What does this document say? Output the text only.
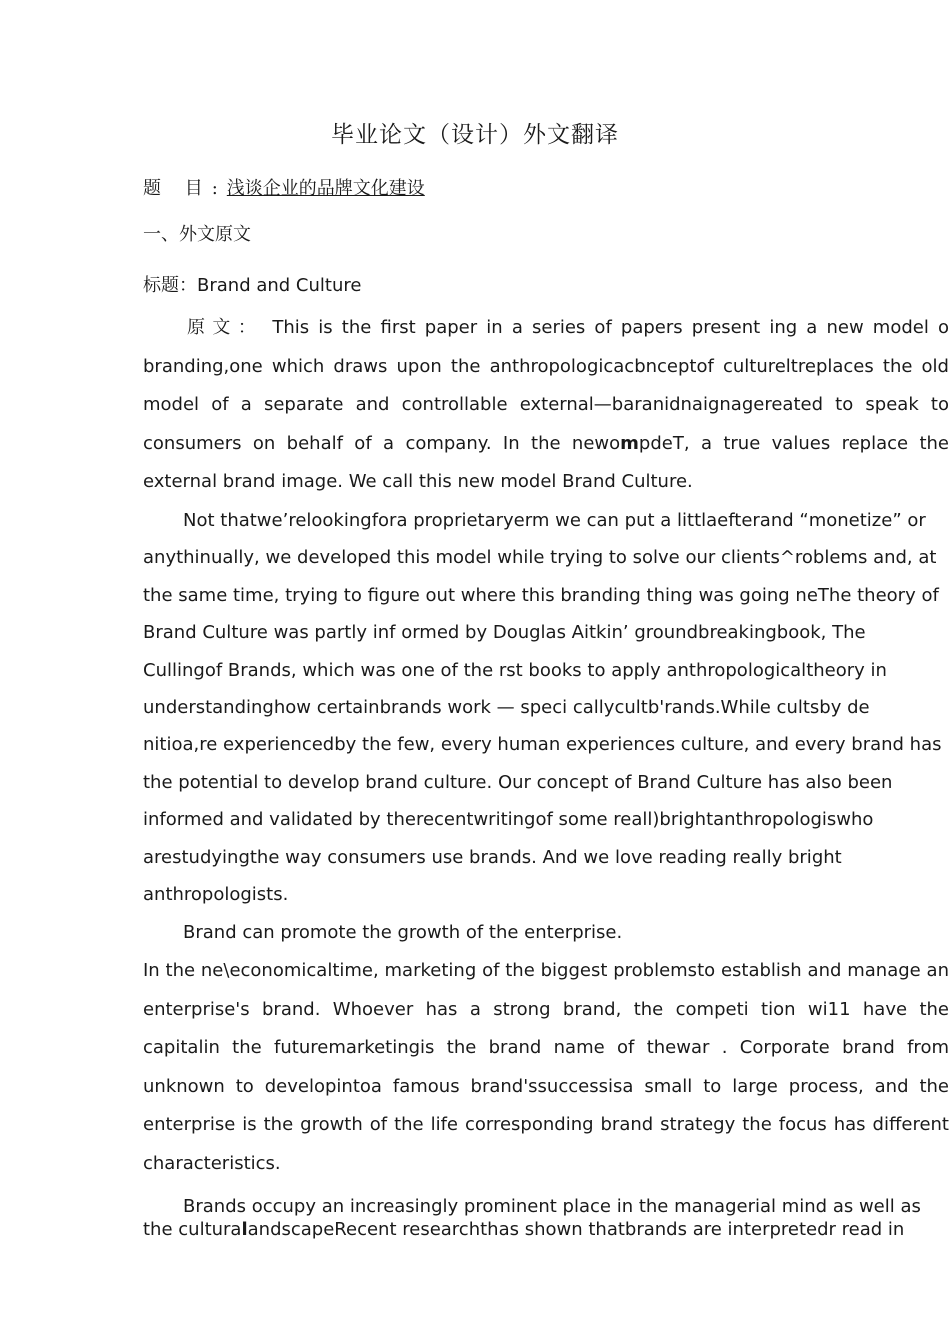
毕业论文（设计）外文翻译
题 目:浅谈企业的品牌文化建设
一、外文原文
标题：Brand and Culture
原文： This is the first paper in a series of papers present ing a new model o branding,one which draws upon the anthropologicacbnceptof cultureltreplaces the old model of a separate and controllable external—baranidnaignagereated to speak to consumers on behalf of a company. In the newompdeT, a true values replace the external brand image. We call this new model Brand Culture.
Not thatwe’relookingfora proprietaryerm we can put a littlaefterand “monetize” or anythinually, we developed this model while trying to solve our clients^roblems and, at the same time, trying to figure out where this branding thing was going neThe theory of Brand Culture was partly inf ormed by Douglas Aitkin’ groundbreakingbook, The Cullingof Brands, which was one of the rst books to apply anthropologicaltheory in understandinghow certainbrands work — speci callycultb'rands.While cultsby de nitioa,re experiencedby the few, every human experiences culture, and every brand has the potential to develop brand culture. Our concept of Brand Culture has also been informed and validated by therecentwritingof some reall)brightanthropologiswho arestudyingthe way consumers use brands. And we love reading really bright anthropologists.
Brand can promote the growth of the enterprise.
In the ne\economicaltime, marketing of the biggest problemsto establish and manage an enterprise's brand. Whoever has a strong brand, the competi tion wi11 have the capitalin the futuremarketingis the brand name of thewar . Corporate brand from unknown to developintoa famous brand'ssuccessisa small to large process, and the enterprise is the growth of the life corresponding brand strategy the focus has different characteristics.
Brands occupy an increasingly prominent place in the managerial mind as well as the culturalandscapeRecent researchthas shown thatbrands are interpretedr read in
